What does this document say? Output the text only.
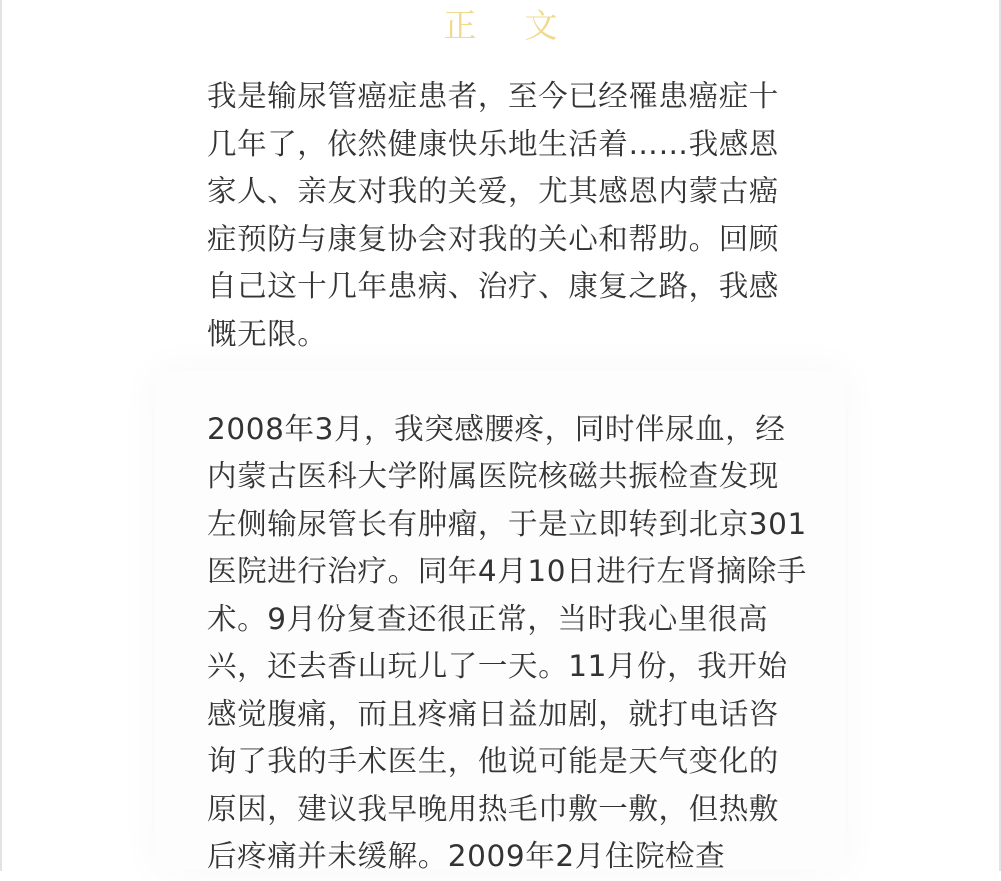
正文

我是输尿管癌症患者，至今已经罹患癌症十几年了，依然健康快乐地生活着……我感恩家人、亲友对我的关爱，尤其感恩内蒙古癌症预防与康复协会对我的关心和帮助。回顾自己这十几年患病、治疗、康复之路，我感慨无限。

2008年3月，我突感腰疼，同时伴尿血，经内蒙古医科大学附属医院核磁共振检查发现左侧输尿管长有肿瘤，于是立即转到北京301医院进行治疗。同年4月10日进行左肾摘除手术。9月份复查还很正常，当时我心里很高兴，还去香山玩儿了一天。11月份，我开始感觉腹痛，而且疼痛日益加剧，就打电话咨询了我的手术医生，他说可能是天气变化的原因，建议我早晚用热毛巾敷一敷，但热敷后疼痛并未缓解。2009年2月住院检查
